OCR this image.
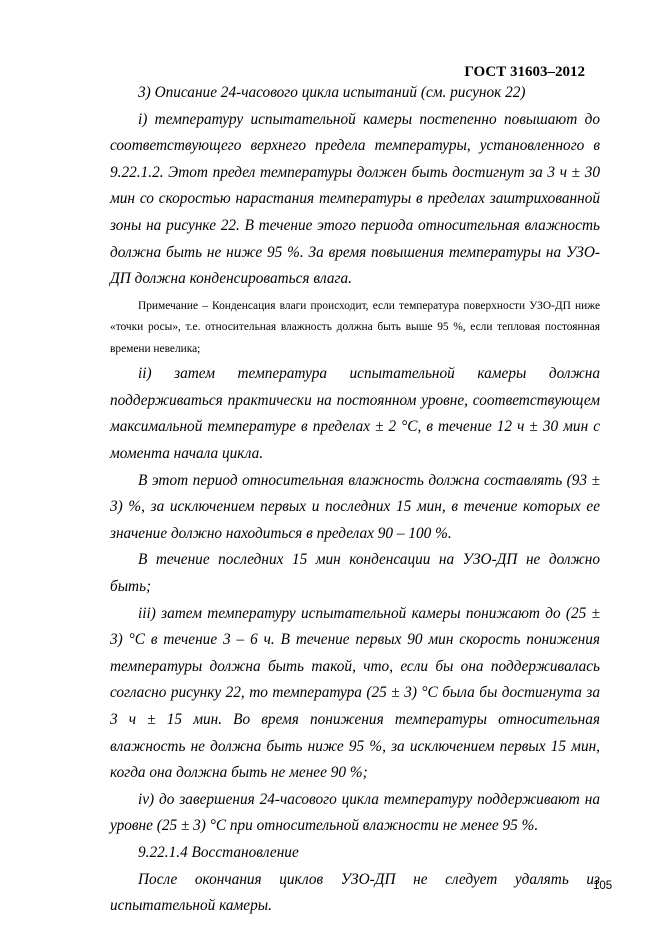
ГОСТ 31603–2012

3) Описание 24-часового цикла испытаний (см. рисунок 22)

i) температуру испытательной камеры постепенно повышают до соответствующего верхнего предела температуры, установленного в 9.22.1.2. Этот предел температуры должен быть достигнут за 3 ч ± 30 мин со скоростью нарастания температуры в пределах заштрихованной зоны на рисунке 22. В течение этого периода относительная влажность должна быть не ниже 95 %. За время повышения температуры на УЗО-ДП должна конденсироваться влага.

Примечание – Конденсация влаги происходит, если температура поверхности УЗО-ДП ниже «точки росы», т.е. относительная влажность должна быть выше 95 %, если тепловая постоянная времени невелика;

ii) затем температура испытательной камеры должна поддерживаться практически на постоянном уровне, соответствующем максимальной температуре в пределах ± 2 °С, в течение 12 ч ± 30 мин с момента начала цикла.

В этот период относительная влажность должна составлять (93 ± 3) %, за исключением первых и последних 15 мин, в течение которых ее значение должно находиться в пределах 90 – 100 %.

В течение последних 15 мин конденсации на УЗО-ДП не должно быть;

iii) затем температуру испытательной камеры понижают до (25 ± 3) °С в течение 3 – 6 ч. В течение первых 90 мин скорость понижения температуры должна быть такой, что, если бы она поддерживалась согласно рисунку 22, то температура (25 ± 3) °С была бы достигнута за 3 ч ± 15 мин. Во время понижения температуры относительная влажность не должна быть ниже 95 %, за исключением первых 15 мин, когда она должна быть не менее 90 %;

iv) до завершения 24-часового цикла температуру поддерживают на уровне (25 ± 3) °С при относительной влажности не менее 95 %.

9.22.1.4 Восстановление

После окончания циклов УЗО-ДП не следует удалять из испытательной камеры.

105
